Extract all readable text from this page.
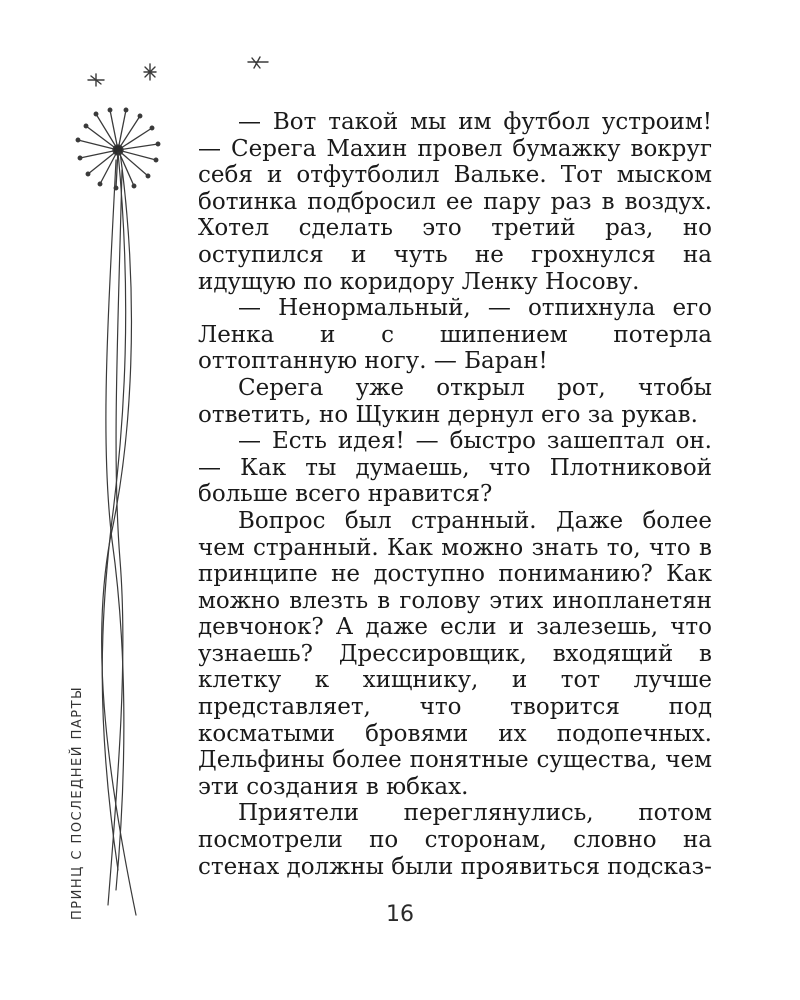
ПРИНЦ С ПОСЛЕДНЕЙ ПАРТЫ

— Вот такой мы им футбол устроим! — Серега Махин провел бумажку вокруг себя и отфутболил Вальке. Тот мыском ботинка подбросил ее пару раз в воздух. Хотел сделать это третий раз, но оступился и чуть не грохнулся на идущую по коридору Ленку Носову.

— Ненормальный, — отпихнула его Ленка и с шипением потерла оттоптанную ногу. — Баран!

Серега уже открыл рот, чтобы ответить, но Щукин дернул его за рукав.

— Есть идея! — быстро зашептал он. — Как ты думаешь, что Плотниковой больше всего нравится?

Вопрос был странный. Даже более чем странный. Как можно знать то, что в принципе не доступно пониманию? Как можно влезть в голову этих инопланетян девчонок? А даже если и залезешь, что узнаешь? Дрессировщик, входящий в клетку к хищнику, и тот лучше представляет, что творится под косматыми бровями их подопечных. Дельфины более понятные существа, чем эти создания в юбках.

Приятели переглянулись, потом посмотрели по сторонам, словно на стенах должны были проявиться подсказ-

16
